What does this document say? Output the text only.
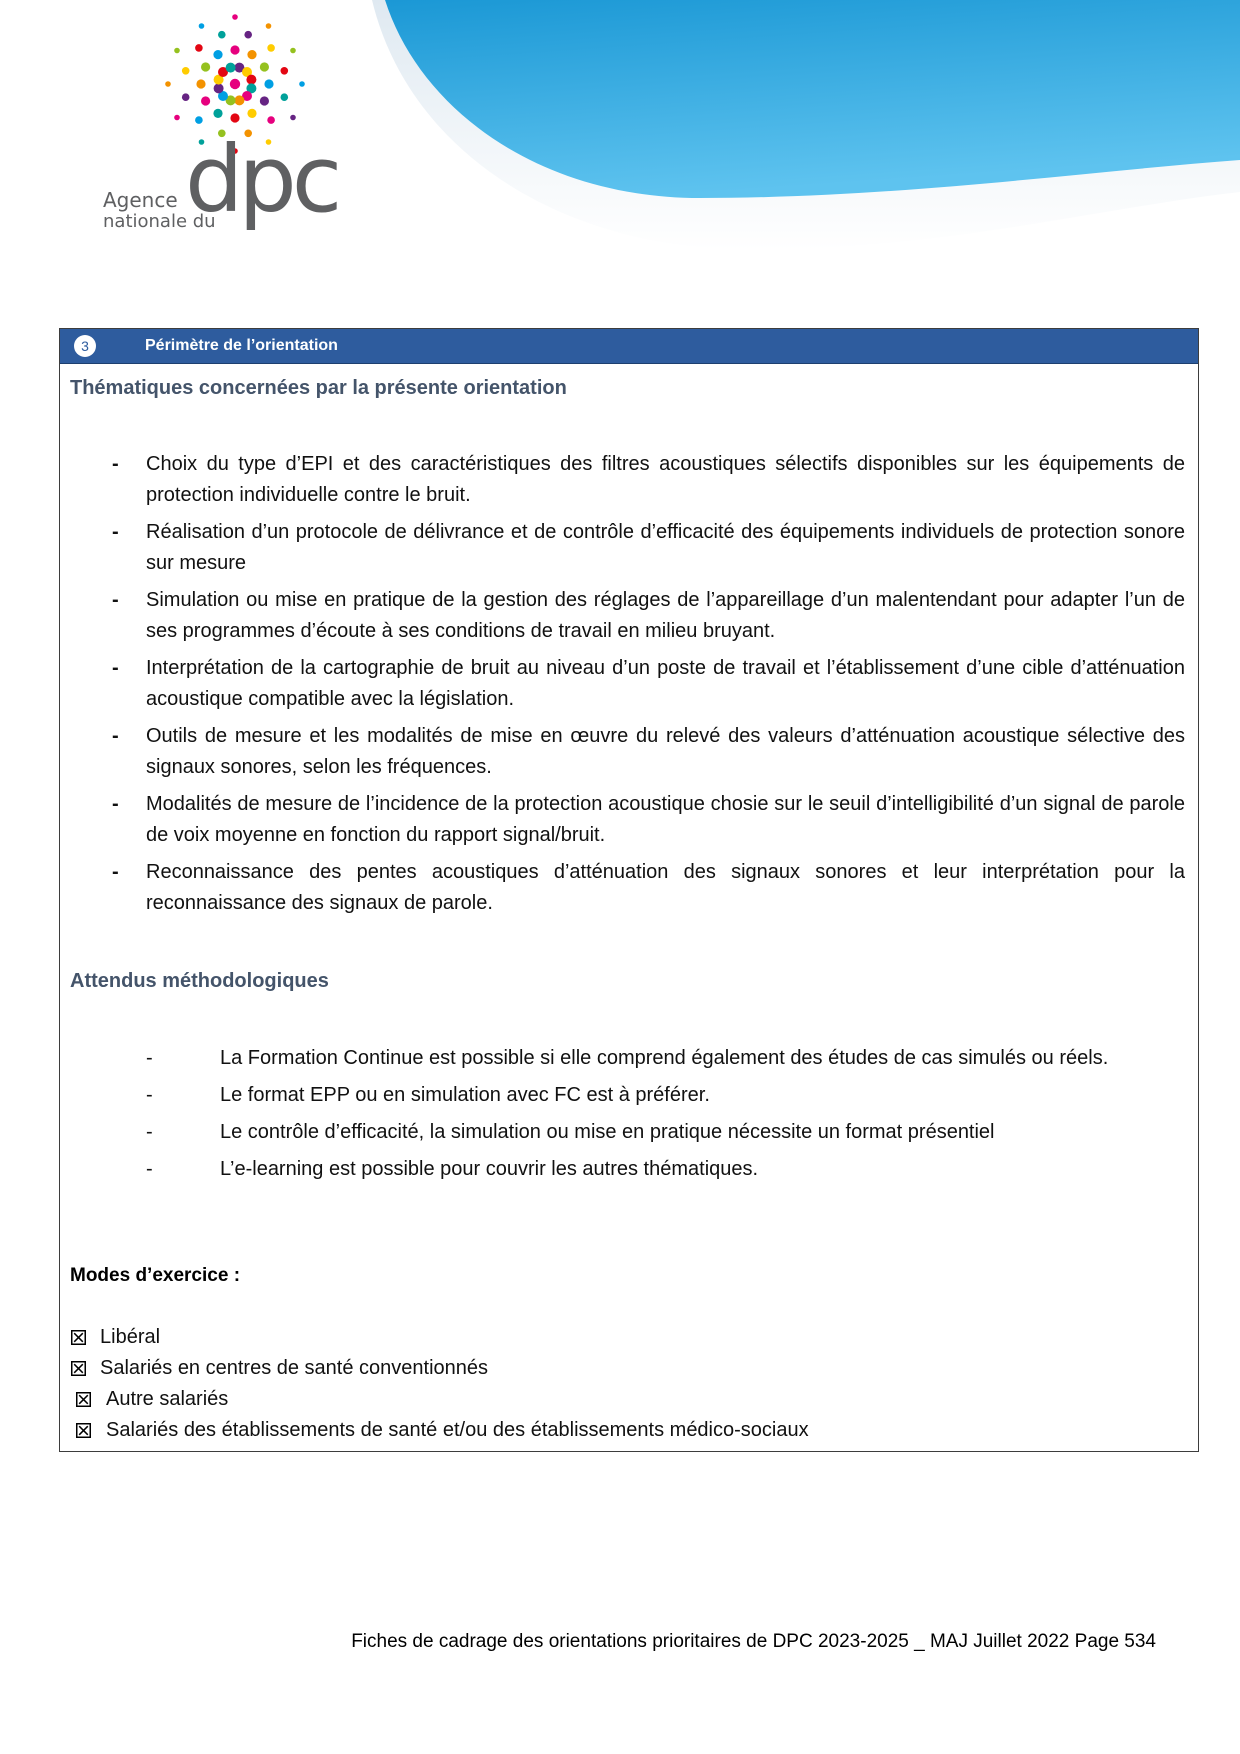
Agence
nationale du
dpc
3	Périmètre de l’orientation
Thématiques concernées par la présente orientation
- Choix du type d’EPI et des caractéristiques des filtres acoustiques sélectifs disponibles sur les équipements de protection individuelle contre le bruit.
- Réalisation d’un protocole de délivrance et de contrôle d’efficacité des équipements individuels de protection sonore sur mesure
- Simulation ou mise en pratique de la gestion des réglages de l’appareillage d’un malentendant pour adapter l’un de ses programmes d’écoute à ses conditions de travail en milieu bruyant.
- Interprétation de la cartographie de bruit au niveau d’un poste de travail et l’établissement d’une cible d’atténuation acoustique compatible avec la législation.
- Outils de mesure et les modalités de mise en œuvre du relevé des valeurs d’atténuation acoustique sélective des signaux sonores, selon les fréquences.
- Modalités de mesure de l’incidence de la protection acoustique chosie sur le seuil d’intelligibilité d’un signal de parole de voix moyenne en fonction du rapport signal/bruit.
- Reconnaissance des pentes acoustiques d’atténuation des signaux sonores et leur interprétation pour la reconnaissance des signaux de parole.
Attendus méthodologiques
-	La Formation Continue est possible si elle comprend également des études de cas simulés ou réels.
-	Le format EPP ou en simulation avec FC est à préférer.
-	Le contrôle d’efficacité, la simulation ou mise en pratique nécessite un format présentiel
-	L’e-learning est possible pour couvrir les autres thématiques.
Modes d’exercice :
Libéral
Salariés en centres de santé conventionnés
Autre salariés
Salariés des établissements de santé et/ou des établissements médico-sociaux
Fiches de cadrage des orientations prioritaires de DPC 2023-2025 _ MAJ Juillet 2022 Page 534
